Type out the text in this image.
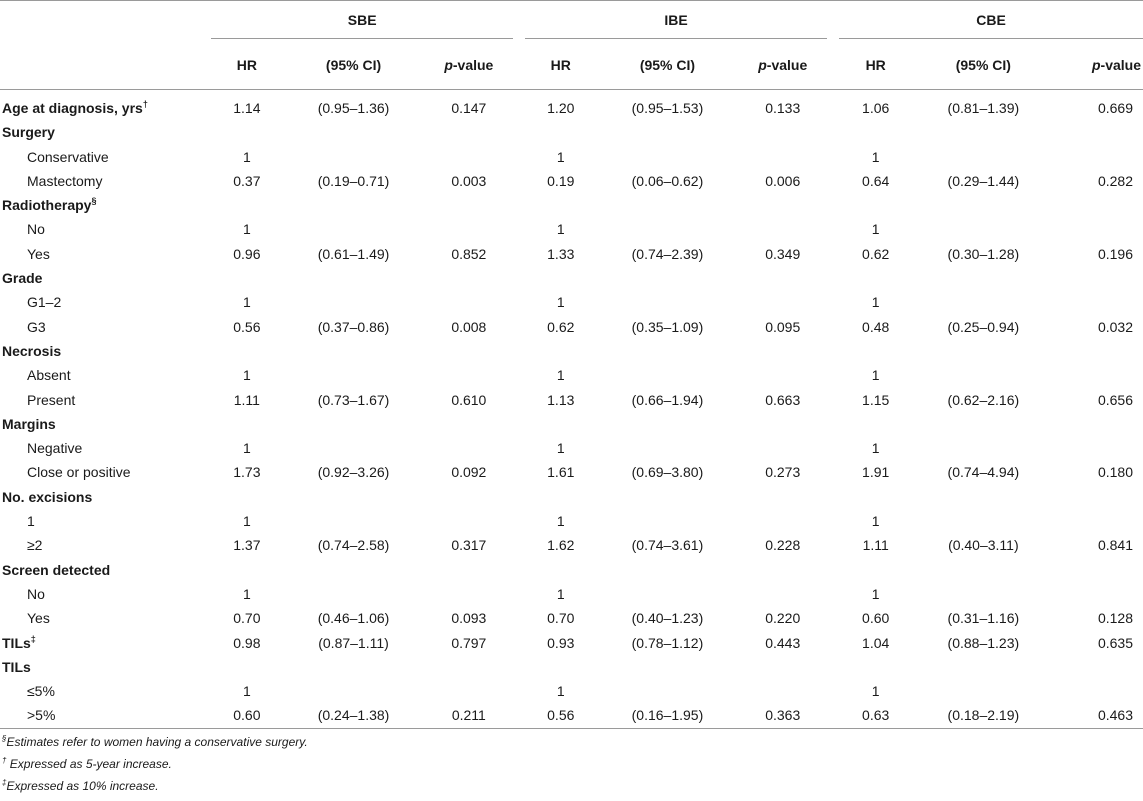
	SBE				IBE				CBE		

	HR	(95% CI)	p-value		HR	(95% CI)	p-value		HR	(95% CI)	p-value
Age at diagnosis, yrs†	1.14	(0.95–1.36)	0.147		1.20	(0.95–1.53)	0.133		1.06	(0.81–1.39)	0.669
Surgery											
Conservative	1				1				1		
Mastectomy	0.37	(0.19–0.71)	0.003		0.19	(0.06–0.62)	0.006		0.64	(0.29–1.44)	0.282
Radiotherapy§											
No	1				1				1		
Yes	0.96	(0.61–1.49)	0.852		1.33	(0.74–2.39)	0.349		0.62	(0.30–1.28)	0.196
Grade											
G1–2	1				1				1		
G3	0.56	(0.37–0.86)	0.008		0.62	(0.35–1.09)	0.095		0.48	(0.25–0.94)	0.032
Necrosis											
Absent	1				1				1		
Present	1.11	(0.73–1.67)	0.610		1.13	(0.66–1.94)	0.663		1.15	(0.62–2.16)	0.656
Margins											
Negative	1				1				1		
Close or positive	1.73	(0.92–3.26)	0.092		1.61	(0.69–3.80)	0.273		1.91	(0.74–4.94)	0.180
No. excisions											
1	1				1				1		
≥2	1.37	(0.74–2.58)	0.317		1.62	(0.74–3.61)	0.228		1.11	(0.40–3.11)	0.841
Screen detected											
No	1				1				1		
Yes	0.70	(0.46–1.06)	0.093		0.70	(0.40–1.23)	0.220		0.60	(0.31–1.16)	0.128
TILs‡	0.98	(0.87–1.11)	0.797		0.93	(0.78–1.12)	0.443		1.04	(0.88–1.23)	0.635
TILs											
≤5%	1				1				1		
>5%	0.60	(0.24–1.38)	0.211		0.56	(0.16–1.95)	0.363		0.63	(0.18–2.19)	0.463
§Estimates refer to women having a conservative surgery.
† Expressed as 5-year increase.
‡Expressed as 10% increase.
